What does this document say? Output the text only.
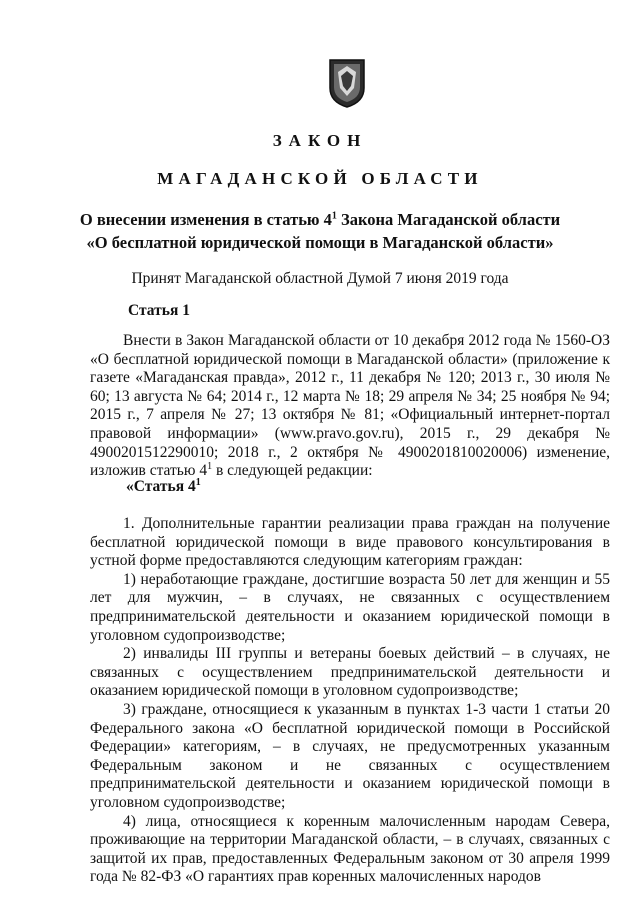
ЗАКОН
МАГАДАНСКОЙ ОБЛАСТИ
О внесении изменения в статью $4^1$ Закона Магаданской области
«О бесплатной юридической помощи в Магаданской области»
Принят Магаданской областной Думой 7 июня 2019 года
Статья 1

Внести в Закон Магаданской области от 10 декабря 2012 года № 1560-ОЗ «О бесплатной юридической помощи в Магаданской области» (приложение к газете «Магаданская правда», 2012 г., 11 декабря № 120; 2013 г., 30 июля № 60; 13 августа № 64; 2014 г., 12 марта № 18; 29 апреля № 34; 25 ноября № 94; 2015 г., 7 апреля № 27; 13 октября № 81; «Официальный интернет-портал правовой информации» (www.pravo.gov.ru), 2015 г., 29 декабря № 4900201512290010; 2018 г., 2 октября № 4900201810020006) изменение, изложив статью $4^1$ в следующей редакции:

«Статья $4^1$

1. Дополнительные гарантии реализации права граждан на получение бесплатной юридической помощи в виде правового консультирования в устной форме предоставляются следующим категориям граждан:

1) неработающие граждане, достигшие возраста 50 лет для женщин и 55 лет для мужчин, – в случаях, не связанных с осуществлением предпринимательской деятельности и оказанием юридической помощи в уголовном судопроизводстве;

2) инвалиды III группы и ветераны боевых действий – в случаях, не связанных с осуществлением предпринимательской деятельности и оказанием юридической помощи в уголовном судопроизводстве;

3) граждане, относящиеся к указанным в пунктах 1-3 части 1 статьи 20 Федерального закона «О бесплатной юридической помощи в Российской Федерации» категориям, – в случаях, не предусмотренных указанным Федеральным законом и не связанных с осуществлением предпринимательской деятельности и оказанием юридической помощи в уголовном судопроизводстве;

4) лица, относящиеся к коренным малочисленным народам Севера, проживающие на территории Магаданской области, – в случаях, связанных с защитой их прав, предоставленных Федеральным законом от 30 апреля 1999 года № 82-ФЗ «О гарантиях прав коренных малочисленных народов
